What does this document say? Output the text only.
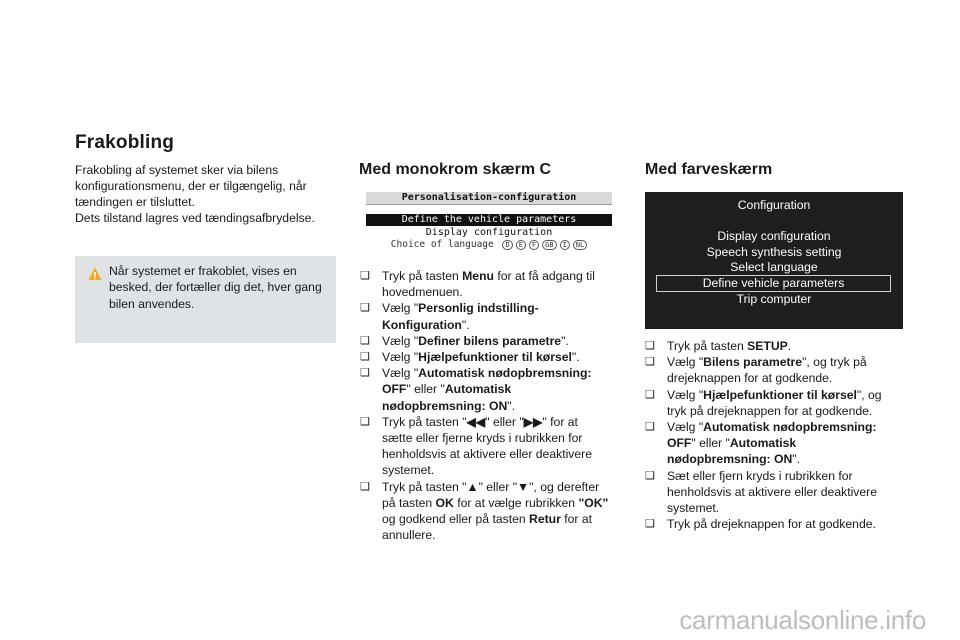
Frakobling
Frakobling af systemet sker via bilens konfigurationsmenu, der er tilgængelig, når tændingen er tilsluttet.
Dets tilstand lagres ved tændingsafbrydelse.
Når systemet er frakoblet, vises en besked, der fortæller dig det, hver gang bilen anvendes.
Med monokrom skærm C
Personalisation-configuration
Define the vehicle parameters
Display configuration
Choice of language D E F GB I NL
❑ Tryk på tasten Menu for at få adgang til hovedmenuen.
❑ Vælg "Personlig indstilling-Konfiguration".
❑ Vælg "Definer bilens parametre".
❑ Vælg "Hjælpefunktioner til kørsel".
❑ Vælg "Automatisk nødopbremsning: OFF" eller "Automatisk nødopbremsning: ON".
❑ Tryk på tasten "◀◀" eller "▶▶" for at sætte eller fjerne kryds i rubrikken for henholdsvis at aktivere eller deaktivere systemet.
❑ Tryk på tasten "▲" eller "▼", og derefter på tasten OK for at vælge rubrikken "OK" og godkend eller på tasten Retur for at annullere.
Med farveskærm
Configuration
Display configuration
Speech synthesis setting
Select language
Define vehicle parameters
Trip computer
❑ Tryk på tasten SETUP.
❑ Vælg "Bilens parametre", og tryk på drejeknappen for at godkende.
❑ Vælg "Hjælpefunktioner til kørsel", og tryk på drejeknappen for at godkende.
❑ Vælg "Automatisk nødopbremsning: OFF" eller "Automatisk nødopbremsning: ON".
❑ Sæt eller fjern kryds i rubrikken for henholdsvis at aktivere eller deaktivere systemet.
❑ Tryk på drejeknappen for at godkende.
carmanualsonline.info
